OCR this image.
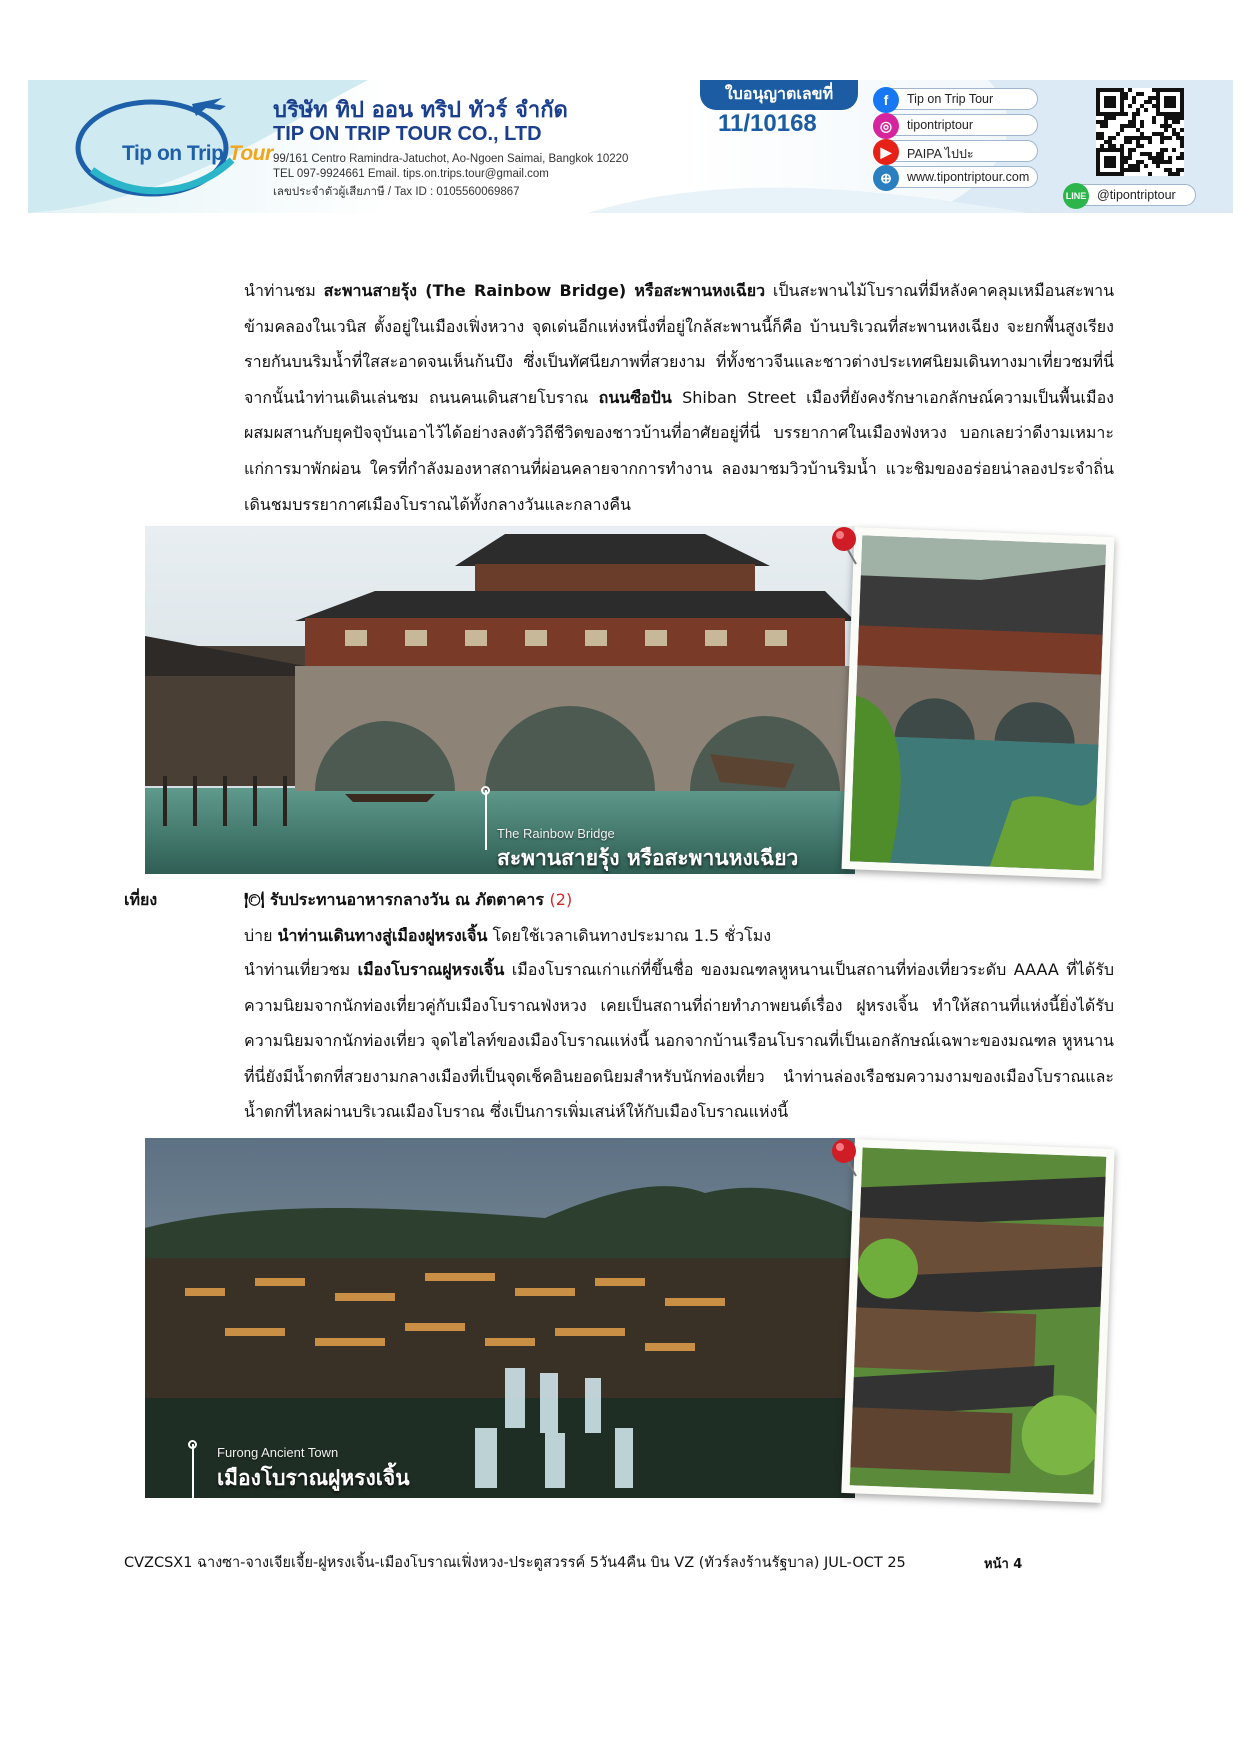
Tip on Trip Tour
บริษัท ทิป ออน ทริป ทัวร์ จำกัด
TIP ON TRIP TOUR CO., LTD
99/161 Centro Ramindra-Jatuchot, Ao-Ngoen Saimai, Bangkok 10220
TEL 097-9924661 Email. tips.on.trips.tour@gmail.com
เลขประจำตัวผู้เสียภาษี / Tax ID : 0105560069867
ใบอนุญาตเลขที่
11/10168
f	Tip on Trip Tour
◎	tipontriptour
▶	PAIPA ไปปะ
⊕	www.tipontriptour.com
LINE @tipontriptour
นำท่านชม สะพานสายรุ้ง (The Rainbow Bridge) หรือสะพานหงเฉียว เป็นสะพานไม้โบราณที่มีหลังคาคลุมเหมือนสะพานข้ามคลองในเวนิส ตั้งอยู่ในเมืองเฟิ่งหวาง จุดเด่นอีกแห่งหนึ่งที่อยู่ใกล้สะพานนี้ก็คือ บ้านบริเวณที่สะพานหงเฉียง จะยกพื้นสูงเรียงรายกันบนริมน้ำที่ใสสะอาดจนเห็นก้นบึง ซึ่งเป็นทัศนียภาพที่สวยงาม ที่ทั้งชาวจีนและชาวต่างประเทศนิยมเดินทางมาเที่ยวชมที่นี่ จากนั้นนำท่านเดินเล่นชม ถนนคนเดินสายโบราณ ถนนซือปัน Shiban Street เมืองที่ยังคงรักษาเอกลักษณ์ความเป็นพื้นเมืองผสมผสานกับยุคปัจจุบันเอาไว้ได้อย่างลงตัววิถีชีวิตของชาวบ้านที่อาศัยอยู่ที่นี่ บรรยากาศในเมืองฟ่งหวง บอกเลยว่าดีงามเหมาะแก่การมาพักผ่อน ใครที่กำลังมองหาสถานที่ผ่อนคลายจากการทำงาน ลองมาชมวิวบ้านริมน้ำ แวะชิมของอร่อยน่าลองประจำถิ่น เดินชมบรรยากาศเมืองโบราณได้ทั้งกลางวันและกลางคืน
The Rainbow Bridge
สะพานสายรุ้ง หรือสะพานหงเฉียว
เที่ยง	🍽 รับประทานอาหารกลางวัน ณ ภัตตาคาร (2)
บ่าย นำท่านเดินทางสู่เมืองฝูหรงเจิ้น โดยใช้เวลาเดินทางประมาณ 1.5 ชั่วโมง
นำท่านเที่ยวชม เมืองโบราณฝูหรงเจิ้น เมืองโบราณเก่าแก่ที่ขึ้นชื่อ ของมณฑลหูหนานเป็นสถานที่ท่องเที่ยวระดับ AAAA ที่ได้รับความนิยมจากนักท่องเที่ยวคู่กับเมืองโบราณฟ่งหวง เคยเป็นสถานที่ถ่ายทำภาพยนต์เรื่อง ฝูหรงเจิ้น ทำให้สถานที่แห่งนี้ยิ่งได้รับความนิยมจากนักท่องเที่ยว จุดไฮไลท์ของเมืองโบราณแห่งนี้ นอกจากบ้านเรือนโบราณที่เป็นเอกลักษณ์เฉพาะของมณฑล หูหนาน ที่นี่ยังมีน้ำตกที่สวยงามกลางเมืองที่เป็นจุดเช็คอินยอดนิยมสำหรับนักท่องเที่ยว นำท่านล่องเรือชมความงามของเมืองโบราณและน้ำตกที่ไหลผ่านบริเวณเมืองโบราณ ซึ่งเป็นการเพิ่มเสน่ห์ให้กับเมืองโบราณแห่งนี้
Furong Ancient Town
เมืองโบราณฝูหรงเจิ้น
CVZCSX1 ฉางซา-จางเจียเจี้ย-ฝูหรงเจิ้น-เมืองโบราณเฟิ่งหวง-ประตูสวรรค์ 5วัน4คืน บิน VZ (ทัวร์ลงร้านรัฐบาล) JUL-OCT 25	หน้า 4
